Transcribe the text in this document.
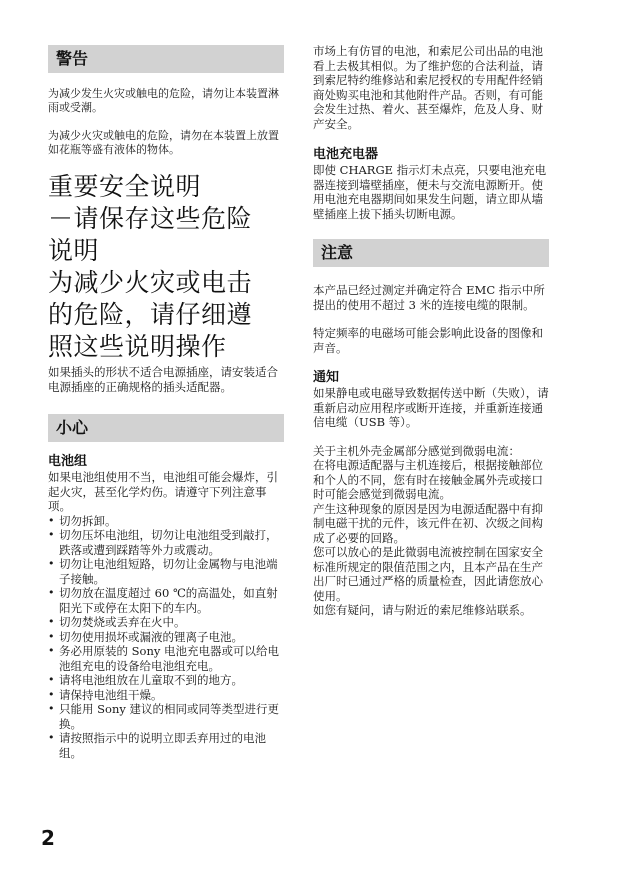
警告

为减少发生火灾或触电的危险，请勿让本装置淋雨或受潮。

为减少火灾或触电的危险，请勿在本装置上放置如花瓶等盛有液体的物体。

重要安全说明
－请保存这些危险
说明
为减少火灾或电击
的危险，请仔细遵
照这些说明操作

如果插头的形状不适合电源插座，请安装适合电源插座的正确规格的插头适配器。

小心
电池组

如果电池组使用不当，电池组可能会爆炸，引起火灾，甚至化学灼伤。请遵守下列注意事项。

• 切勿拆卸。
• 切勿压坏电池组，切勿让电池组受到敲打，跌落或遭到踩踏等外力或震动。
• 切勿让电池组短路，切勿让金属物与电池端子接触。
• 切勿放在温度超过 60 ℃的高温处，如直射阳光下或停在太阳下的车内。
• 切勿焚烧或丢弃在火中。
• 切勿使用损坏或漏液的锂离子电池。
• 务必用原装的 Sony 电池充电器或可以给电池组充电的设备给电池组充电。
• 请将电池组放在儿童取不到的地方。
• 请保持电池组干燥。
• 只能用 Sony 建议的相同或同等类型进行更换。
• 请按照指示中的说明立即丢弃用过的电池组。

市场上有仿冒的电池，和索尼公司出品的电池看上去极其相似。为了维护您的合法利益，请到索尼特约维修站和索尼授权的专用配件经销商处购买电池和其他附件产品。否则，有可能会发生过热、着火、甚至爆炸，危及人身、财产安全。

电池充电器

即使 CHARGE 指示灯未点亮，只要电池充电器连接到墙壁插座，便未与交流电源断开。使用电池充电器期间如果发生问题，请立即从墙壁插座上拔下插头切断电源。

注意

本产品已经过测定并确定符合 EMC 指示中所提出的使用不超过 3 米的连接电缆的限制。

特定频率的电磁场可能会影响此设备的图像和声音。

通知

如果静电或电磁导致数据传送中断（失败），请重新启动应用程序或断开连接，并重新连接通信电缆（USB 等）。

关于主机外壳金属部分感觉到微弱电流：

在将电源适配器与主机连接后，根据接触部位和个人的不同，您有时在接触金属外壳或接口时可能会感觉到微弱电流。

产生这种现象的原因是因为电源适配器中有抑制电磁干扰的元件，该元件在初、次级之间构成了必要的回路。

您可以放心的是此微弱电流被控制在国家安全标准所规定的限值范围之内，且本产品在生产出厂时已通过严格的质量检查，因此请您放心使用。

如您有疑问，请与附近的索尼维修站联系。

2
